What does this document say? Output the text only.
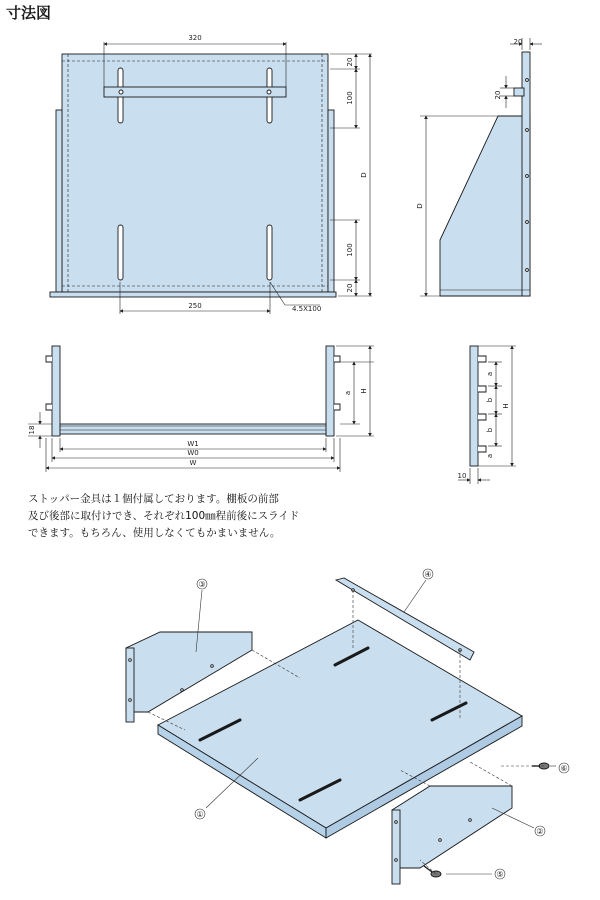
寸法図
320
20
100
D
100
20
250	4.5X100
20
20
D
a H
18
W1
W0
W
a
b
b
a
H
10
③
④
①
②
⑤
⑥

ストッパー金具は１個付属しております。棚板の前部
及び後部に取付けでき、それぞれ100㎜程前後にスライド
できます。もちろん、使用しなくてもかまいません。
